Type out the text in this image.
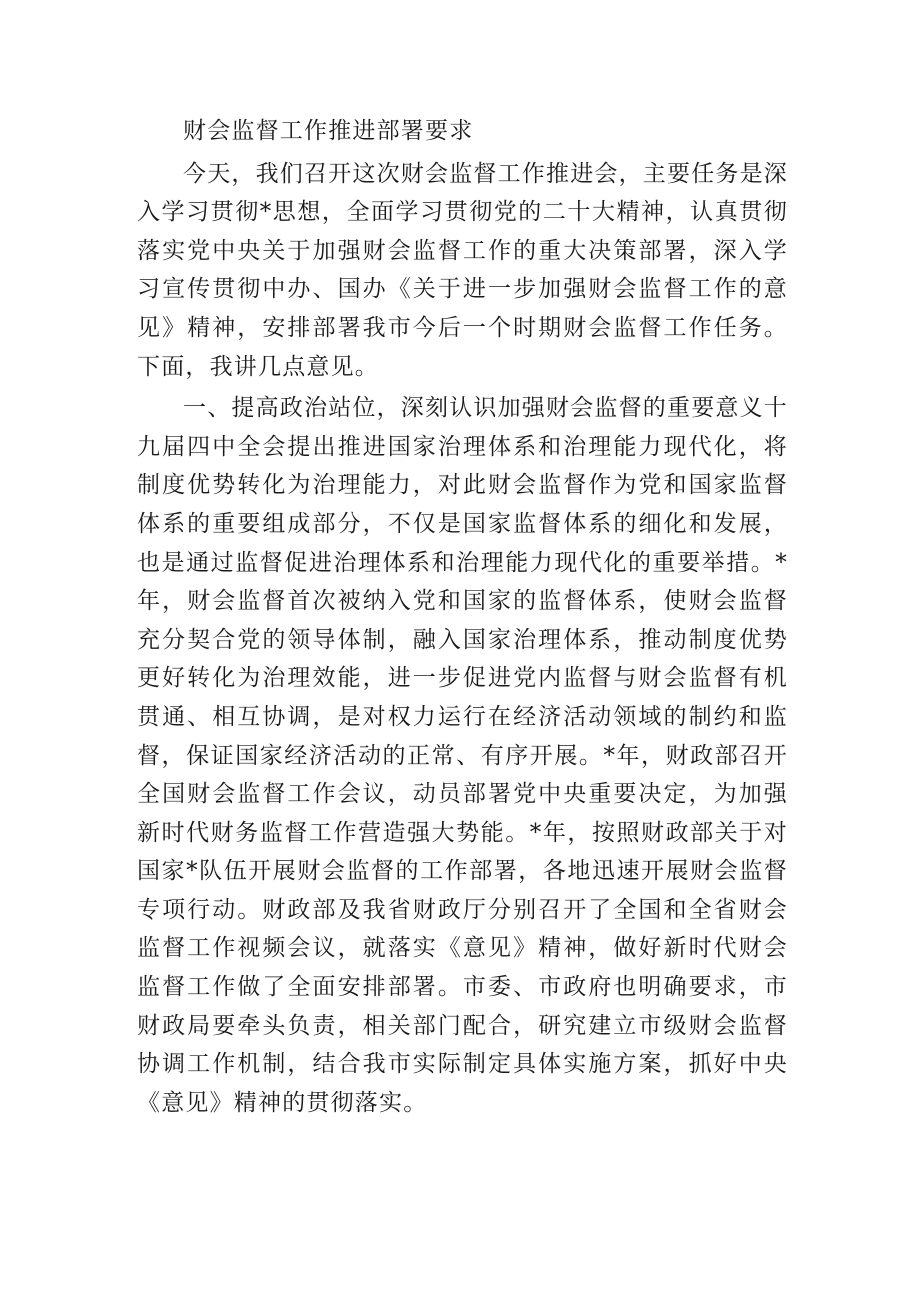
财会监督工作推进部署要求

今天，我们召开这次财会监督工作推进会，主要任务是深入学习贯彻*思想，全面学习贯彻党的二十大精神，认真贯彻落实党中央关于加强财会监督工作的重大决策部署，深入学习宣传贯彻中办、国办《关于进一步加强财会监督工作的意见》精神，安排部署我市今后一个时期财会监督工作任务。下面，我讲几点意见。

一、提高政治站位，深刻认识加强财会监督的重要意义十九届四中全会提出推进国家治理体系和治理能力现代化，将制度优势转化为治理能力，对此财会监督作为党和国家监督体系的重要组成部分，不仅是国家监督体系的细化和发展，也是通过监督促进治理体系和治理能力现代化的重要举措。*年，财会监督首次被纳入党和国家的监督体系，使财会监督充分契合党的领导体制，融入国家治理体系，推动制度优势更好转化为治理效能，进一步促进党内监督与财会监督有机贯通、相互协调，是对权力运行在经济活动领域的制约和监督，保证国家经济活动的正常、有序开展。*年，财政部召开全国财会监督工作会议，动员部署党中央重要决定，为加强新时代财务监督工作营造强大势能。*年，按照财政部关于对国家*队伍开展财会监督的工作部署，各地迅速开展财会监督专项行动。财政部及我省财政厅分别召开了全国和全省财会监督工作视频会议，就落实《意见》精神，做好新时代财会监督工作做了全面安排部署。市委、市政府也明确要求，市财政局要牵头负责，相关部门配合，研究建立市级财会监督协调工作机制，结合我市实际制定具体实施方案，抓好中央《意见》精神的贯彻落实。
